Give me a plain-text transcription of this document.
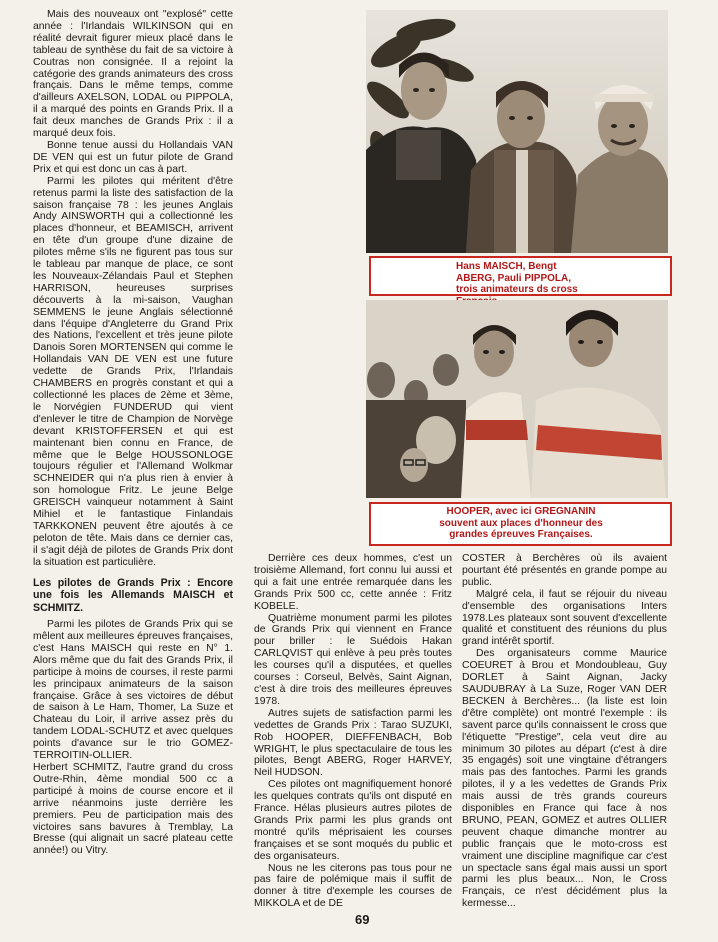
Mais des nouveaux ont "explosé" cette année : l'Irlandais WILKINSON qui en réalité devrait figurer mieux placé dans le tableau de synthèse du fait de sa victoire à Coutras non consignée. Il a rejoint la catégorie des grands animateurs des cross français. Dans le même temps, comme d'ailleurs AXELSON, LODAL ou PIPPOLA, il a marqué des points en Grands Prix. Il a fait deux manches de Grands Prix : il a marqué deux fois.

Bonne tenue aussi du Hollandais VAN DE VEN qui est un futur pilote de Grand Prix et qui est donc un cas à part.

Parmi les pilotes qui méritent d'être retenus parmi la liste des satisfaction de la saison française 78 : les jeunes Anglais Andy AINSWORTH qui a collectionné les places d'honneur, et BEAMISCH, arrivent en tête d'un groupe d'une dizaine de pilotes même s'ils ne figurent pas tous sur le tableau par manque de place, ce sont les Nouveaux-Zélandais Paul et Stephen HARRISON, heureuses surprises découverts à la mi-saison, Vaughan SEMMENS le jeune Anglais sélectionné dans l'équipe d'Angleterre du Grand Prix des Nations, l'excellent et très jeune pilote Danois Soren MORTENSEN qui comme le Hollandais VAN DE VEN est une future vedette de Grands Prix, l'Irlandais CHAMBERS en progrès constant et qui a collectionné les places de 2ème et 3ème, le Norvégien FUNDERUD qui vient d'enlever le titre de Champion de Norvège devant KRISTOFFERSEN et qui est maintenant bien connu en France, de même que le Belge HOUSSONLOGE toujours régulier et l'Allemand Wolkmar SCHNEIDER qui n'a plus rien à envier à son homologue Fritz. Le jeune Belge GREISCH vainqueur notamment à Saint Mihiel et le fantastique Finlandais TARKKONEN peuvent être ajoutés à ce peloton de tête. Mais dans ce dernier cas, il s'agit déjà de pilotes de Grands Prix dont la situation est particulière.

Les pilotes de Grands Prix : Encore une fois les Allemands MAISCH et SCHMITZ.

Parmi les pilotes de Grands Prix qui se mêlent aux meilleures épreuves françaises, c'est Hans MAISCH qui reste en N° 1. Alors même que du fait des Grands Prix, il participe à moins de courses, il reste parmi les principaux animateurs de la saison française. Grâce à ses victoires de début de saison à Le Ham, Thomer, La Suze et Chateau du Loir, il arrive assez près du tandem LODAL-SCHUTZ et avec quelques points d'avance sur le trio GOMEZ-TERROITIN-OLLIER.

Herbert SCHMITZ, l'autre grand du cross Outre-Rhin, 4ème mondial 500 cc a participé à moins de course encore et il arrive néanmoins juste derrière les premiers. Peu de participation mais des victoires sans bavures à Tremblay, La Bresse (qui alignait un sacré plateau cette année!) ou Vitry.

Hans MAISCH, Bengt ABERG, Pauli PIPPOLA, trois animateurs ds cross
HOOPER, avec ici GREGNANIN souvent aux places d'honneur des grandes épreuves Françaises.

Derrière ces deux hommes, c'est un troisième Allemand, fort connu lui aussi et qui a fait une entrée remarquée dans les Grands Prix 500 cc, cette année : Fritz KOBELE.

Quatrième monument parmi les pilotes de Grands Prix qui viennent en France pour briller : le Suédois Hakan CARLQVIST qui enlève à peu près toutes les courses qu'il a disputées, et quelles courses : Corseul, Belvès, Saint Aignan, c'est à dire trois des meilleures épreuves 1978.

Autres sujets de satisfaction parmi les vedettes de Grands Prix : Tarao SUZUKI, Rob HOOPER, DIEFFENBACH, Bob WRIGHT, le plus spectaculaire de tous les pilotes, Bengt ABERG, Roger HARVEY, Neil HUDSON.

Ces pilotes ont magnifiquement honoré les quelques contrats qu'ils ont disputé en France. Hélas plusieurs autres pilotes de Grands Prix parmi les plus grands ont montré qu'ils méprisaient les courses françaises et se sont moqués du public et des organisateurs.

Nous ne les citerons pas tous pour ne pas faire de polémique mais il suffit de donner à titre d'exemple les courses de MIKKOLA et de DE

COSTER à Berchères où ils avaient pourtant été présentés en grande pompe au public.

Malgré cela, il faut se réjouir du niveau d'ensemble des organisations Inters 1978.Les plateaux sont souvent d'excellente qualité et constituent des réunions du plus grand intérêt sportif.

Des organisateurs comme Maurice COEURET à Brou et Mondoubleau, Guy DORLET à Saint Aignan, Jacky SAUDUBRAY à La Suze, Roger VAN DER BECKEN à Berchères... (la liste est loin d'être complète) ont montré l'exemple : ils savent parce qu'ils connaissent le cross que l'étiquette "Prestige", cela veut dire au minimum 30 pilotes au départ (c'est à dire 35 engagés) soit une vingtaine d'étrangers mais pas des fantoches. Parmi les grands pilotes, il y a les vedettes de Grands Prix mais aussi de très grands coureurs disponibles en France qui face à nos BRUNO, PEAN, GOMEZ et autres OLLIER peuvent chaque dimanche montrer au public français que le moto-cross est vraiment une discipline magnifique car c'est un spectacle sans égal mais aussi un sport parmi les plus beaux... Non, le Cross Français, ce n'est décidément plus la kermesse...

69
